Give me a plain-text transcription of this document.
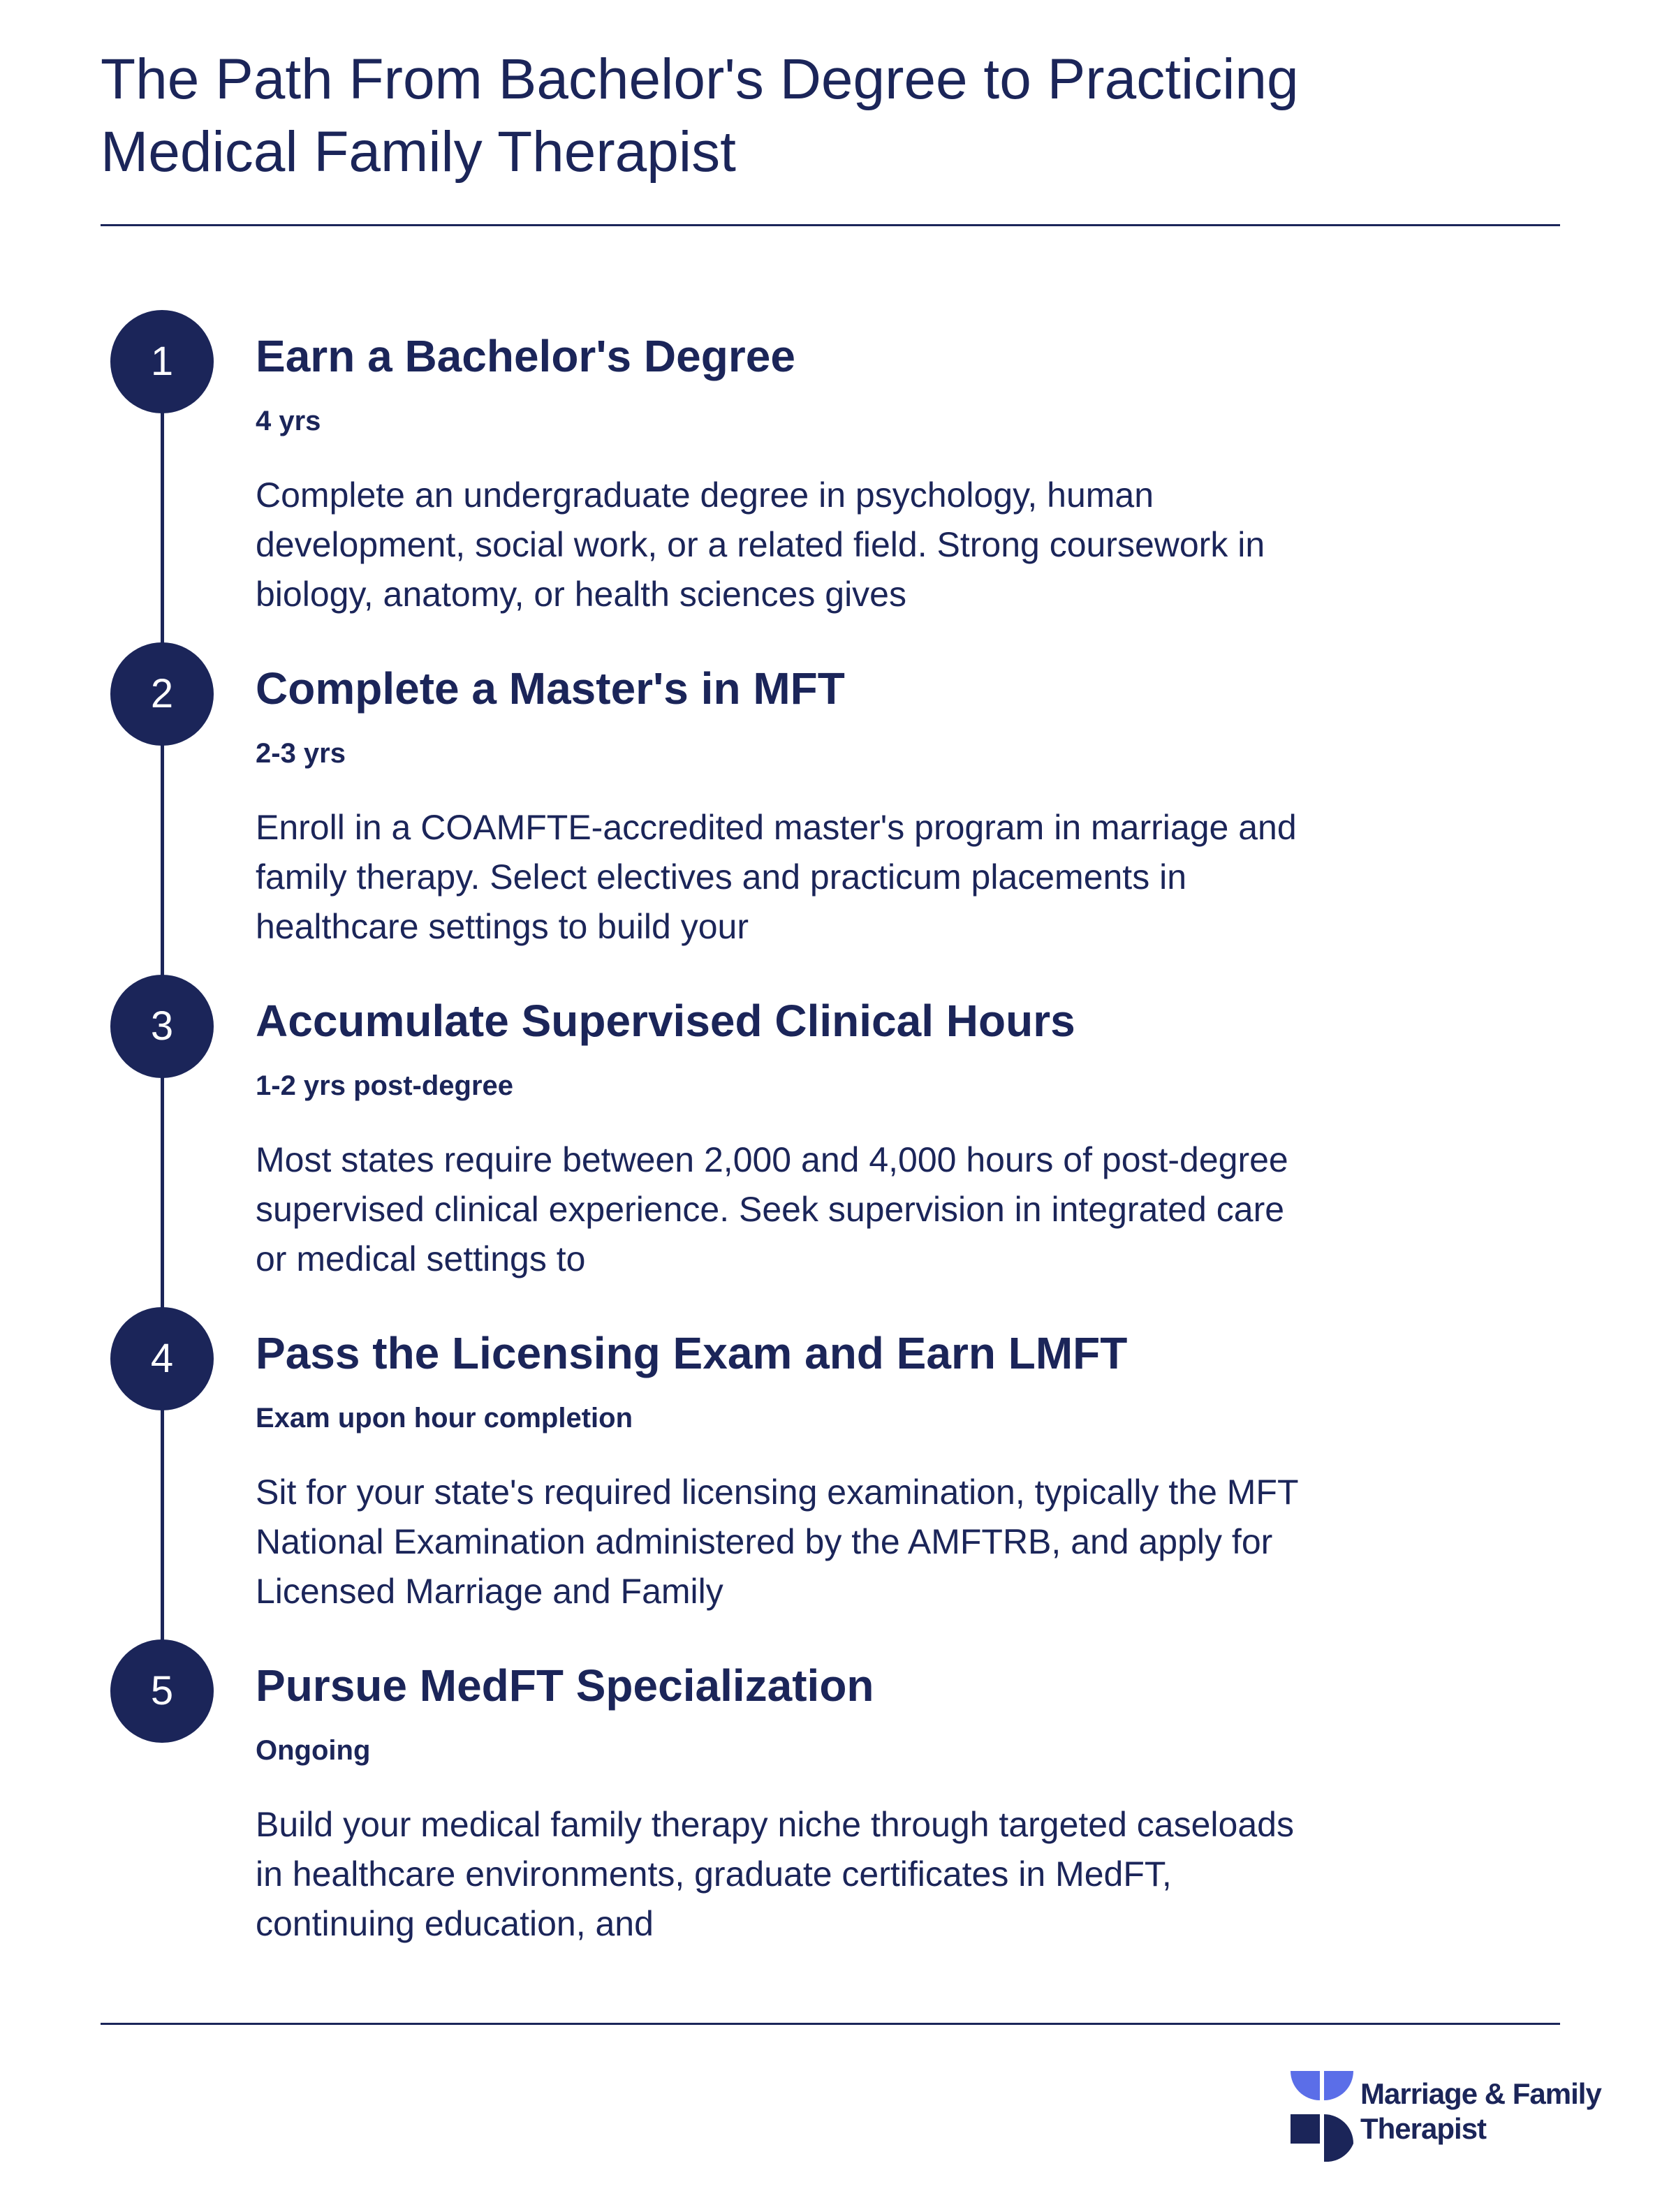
The Path From Bachelor's Degree to Practicing
Medical Family Therapist
1	Earn a Bachelor's Degree
4 yrs

Complete an undergraduate degree in psychology, human development, social work, or a related field. Strong coursework in biology, anatomy, or health sciences gives

2	Complete a Master's in MFT
2-3 yrs

Enroll in a COAMFTE-accredited master's program in marriage and family therapy. Select electives and practicum placements in healthcare settings to build your

3	Accumulate Supervised Clinical Hours
1-2 yrs post-degree

Most states require between 2,000 and 4,000 hours of post-degree supervised clinical experience. Seek supervision in integrated care or medical settings to

4	Pass the Licensing Exam and Earn LMFT
Exam upon hour completion

Sit for your state's required licensing examination, typically the MFT National Examination administered by the AMFTRB, and apply for Licensed Marriage and Family

5	Pursue MedFT Specialization
Ongoing

Build your medical family therapy niche through targeted caseloads in healthcare environments, graduate certificates in MedFT, continuing education, and

Marriage & Family
Therapist
